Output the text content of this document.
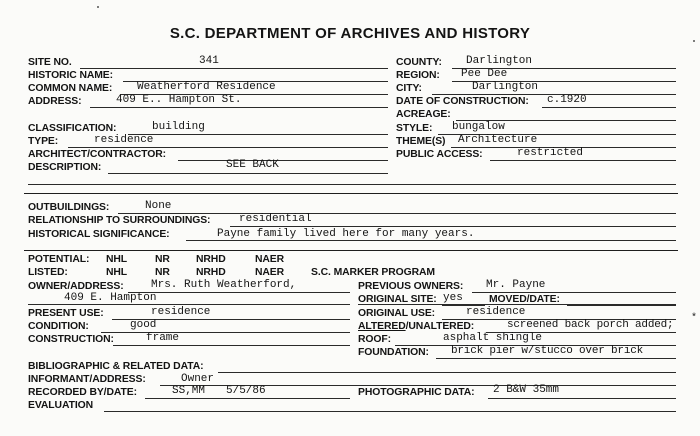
S.C. DEPARTMENT OF ARCHIVES AND HISTORY
SITE NO.	341
HISTORIC NAME:
COMMON NAME: Weatherford Residence
ADDRESS:	409 E.. Hampton St.
COUNTY: Darlington
REGION: Pee Dee
CITY:	Darlington
DATE OF CONSTRUCTION: c.1920
ACREAGE:
CLASSIFICATION:	building
TYPE:	residence
ARCHITECT/CONTRACTOR:
DESCRIPTION:	SEE BACK
STYLE: bungalow
THEME(S) Architecture
PUBLIC ACCESS:	restricted
OUTBUILDINGS:	None
RELATIONSHIP TO SURROUNDINGS:	residential
HISTORICAL SIGNIFICANCE:	Payne family lived here for many years.
POTENTIAL: NHL	NR	NRHD	NAER
LISTED:	NHL	NR	NRHD	NAER	S.C. MARKER PROGRAM
OWNER/ADDRESS: Mrs. Ruth Weatherford,
409 E. Hampton
PRESENT USE:	residence
CONDITION:	good
CONSTRUCTION:	frame
PREVIOUS OWNERS: Mr. Payne
ORIGINAL SITE: yes	MOVED/DATE:
ORIGINAL USE:	residence
ALTERED/UNALTERED:	screened back porch added;
*
ROOF:	asphalt shingle
FOUNDATION: brick pier w/stucco over brick
BIBLIOGRAPHIC & RELATED DATA:
INFORMANT/ADDRESS:	Owner
RECORDED BY/DATE:	SS,MM 5/5/86	PHOTOGRAPHIC DATA: 2 B&W 35mm
EVALUATION
